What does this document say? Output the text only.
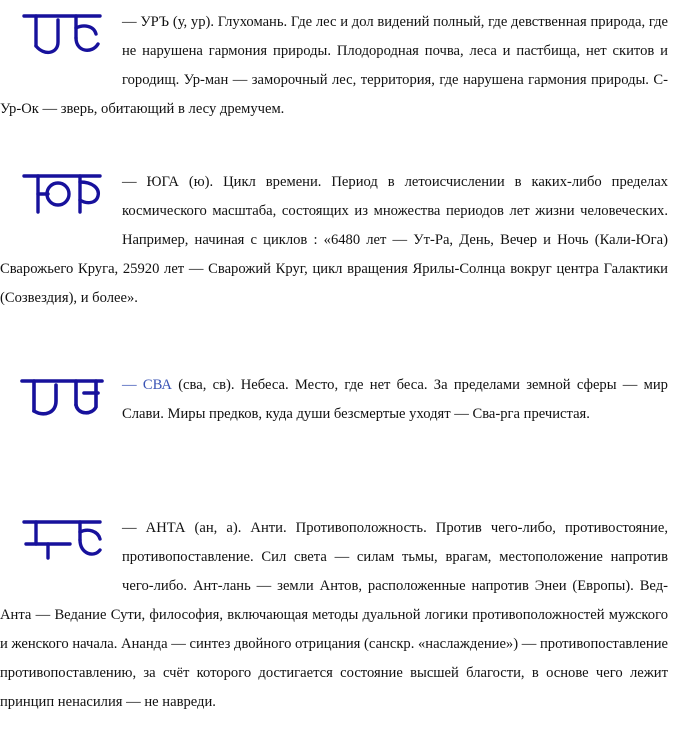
— УРЪ (у, ур). Глухомань. Где лес и дол видений полный, где девственная природа, где не нарушена гармония природы. Плодородная почва, леса и пастбища, нет скитов и городищ. Ур-ман — заморочный лес, территория, где нарушена гармония природы. С-Ур-Ок — зверь, обитающий в лесу дремучем.
— ЮГА (ю). Цикл времени. Период в летоисчислении в каких-либо пределах космического масштаба, состоящих из множества периодов лет жизни человеческих. Например, начиная с циклов : «6480 лет — Ут-Ра, День, Вечер и Ночь (Кали-Юга) Сварожьего Круга, 25920 лет — Сварожий Круг, цикл вращения Ярилы-Солнца вокруг центра Галактики (Созвездия), и более».
— СВА (сва, св). Небеса. Место, где нет беса. За пределами земной сферы — мир Слави. Миры предков, куда души безсмертые уходят — Сва-рга пречистая.
— АНТА (ан, а). Анти. Противоположность. Против чего-либо, противостояние, противопоставление. Сил света — силам тьмы, врагам, местоположение напротив чего-либо. Ант-лань — земли Антов, расположенные напротив Энеи (Европы). Вед-Анта — Ведание Сути, философия, включающая методы дуальной логики противоположностей мужского и женского начала. Ананда — синтез двойного отрицания (санскр. «наслаждение») — противопоставление противопоставлению, за счёт которого достигается состояние высшей благости, в основе чего лежит принцип ненасилия — не навреди.
